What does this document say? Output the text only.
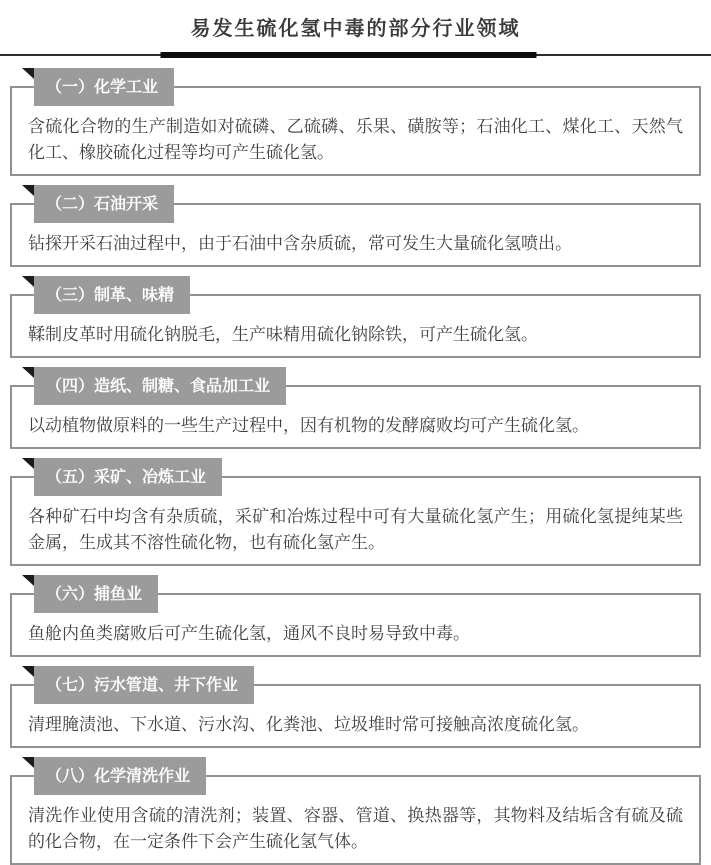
易发生硫化氢中毒的部分行业领域
（一）化学工业

含硫化合物的生产制造如对硫磷、乙硫磷、乐果、磺胺等；石油化工、煤化工、天然气化工、橡胶硫化过程等均可产生硫化氢。

（二）石油开采

钻探开采石油过程中，由于石油中含杂质硫，常可发生大量硫化氢喷出。

（三）制革、味精

鞣制皮革时用硫化钠脱毛，生产味精用硫化钠除铁，可产生硫化氢。

（四）造纸、制糖、食品加工业

以动植物做原料的一些生产过程中，因有机物的发酵腐败均可产生硫化氢。

（五）采矿、冶炼工业

各种矿石中均含有杂质硫，采矿和冶炼过程中可有大量硫化氢产生；用硫化氢提纯某些金属，生成其不溶性硫化物，也有硫化氢产生。

（六）捕鱼业

鱼舱内鱼类腐败后可产生硫化氢，通风不良时易导致中毒。

（七）污水管道、井下作业

清理腌渍池、下水道、污水沟、化粪池、垃圾堆时常可接触高浓度硫化氢。

（八）化学清洗作业

清洗作业使用含硫的清洗剂；装置、容器、管道、换热器等，其物料及结垢含有硫及硫的化合物，在一定条件下会产生硫化氢气体。
